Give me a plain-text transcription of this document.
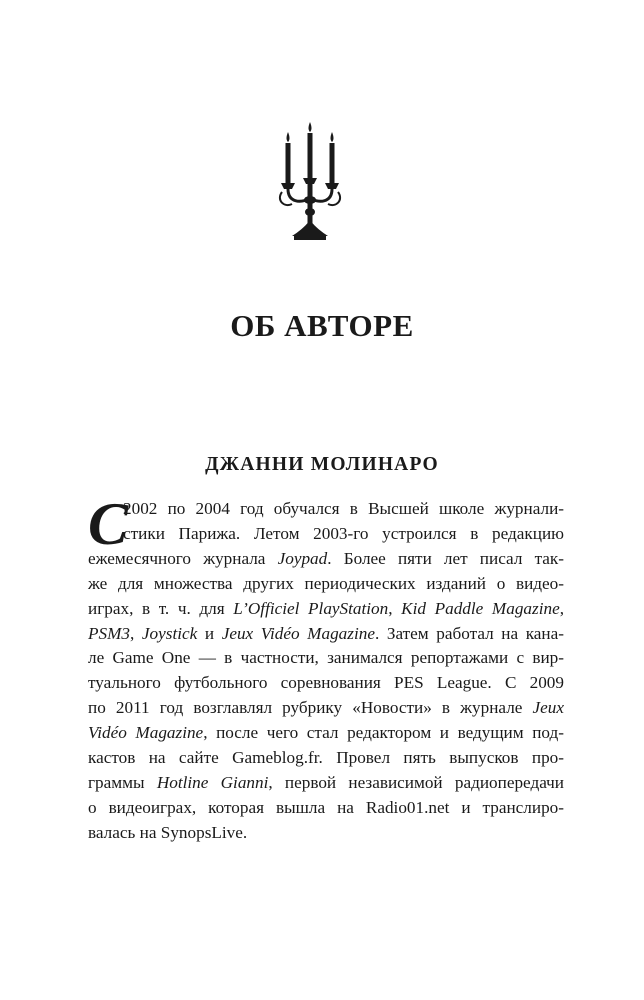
ОБ АВТОРЕ
ДЖАННИ МОЛИНАРО
С
2002 по 2004 год обучался в Высшей школе журнали-
стики Парижа. Летом 2003-го устроился в редакцию
ежемесячного журнала Joypad. Более пяти лет писал так-
же для множества других периодических изданий о видео-
играх, в т. ч. для L’Officiel PlayStation, Kid Paddle Magazine,
PSM3, Joystick и Jeux Vidéo Magazine. Затем работал на кана-
ле Game One — в частности, занимался репортажами с вир-
туального футбольного соревнования PES League. С 2009
по 2011 год возглавлял рубрику «Новости» в журнале Jeux
Vidéo Magazine, после чего стал редактором и ведущим под-
кастов на сайте Gameblog.fr. Провел пять выпусков про-
граммы Hotline Gianni, первой независимой радиопередачи
о видеоиграх, которая вышла на Radio01.net и транслиро-
валась на SynopsLive.
